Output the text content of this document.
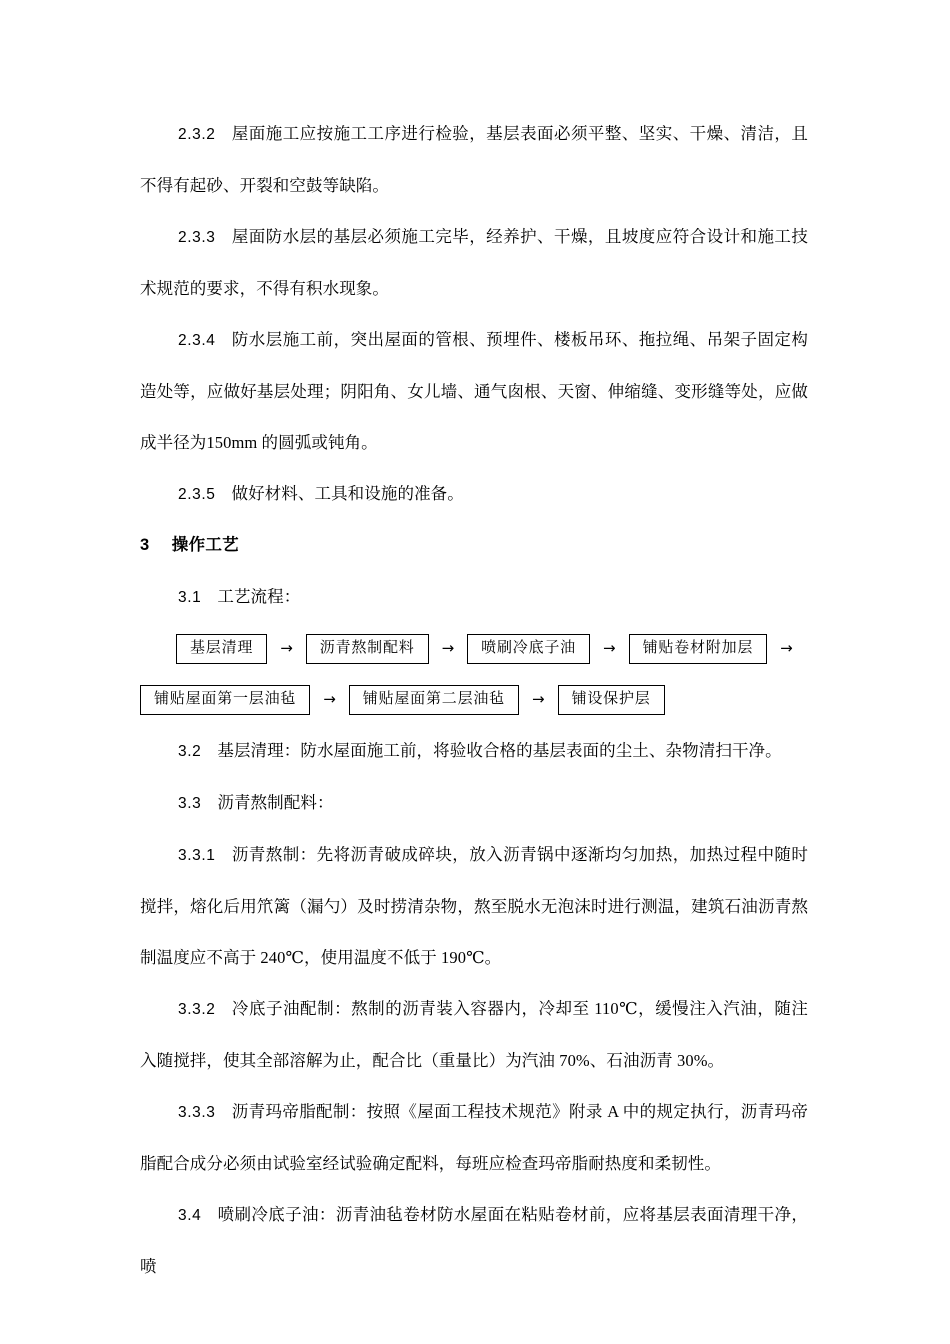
2.3.2 屋面施工应按施工工序进行检验，基层表面必须平整、坚实、干燥、清洁，且不得有起砂、开裂和空鼓等缺陷。

2.3.3 屋面防水层的基层必须施工完毕，经养护、干燥，且坡度应符合设计和施工技术规范的要求，不得有积水现象。

2.3.4 防水层施工前，突出屋面的管根、预埋件、楼板吊环、拖拉绳、吊架子固定构造处等，应做好基层处理；阴阳角、女儿墙、通气囱根、天窗、伸缩缝、变形缝等处，应做成半径为150mm 的圆弧或钝角。

2.3.5 做好材料、工具和设施的准备。

3 操作工艺

3.1 工艺流程：

基层清理	→	沥青熬制配料	→	喷刷冷底子油	→	铺贴卷材附加层	→
铺贴屋面第一层油毡	→	铺贴屋面第二层油毡	→	铺设保护层

3.2 基层清理：防水屋面施工前，将验收合格的基层表面的尘土、杂物清扫干净。

3.3 沥青熬制配料：

3.3.1 沥青熬制：先将沥青破成碎块，放入沥青锅中逐渐均匀加热，加热过程中随时搅拌，熔化后用笊篱（漏勺）及时捞清杂物，熬至脱水无泡沫时进行测温，建筑石油沥青熬制温度应不高于 240℃，使用温度不低于 190℃。

3.3.2 冷底子油配制：熬制的沥青装入容器内，冷却至 110℃，缓慢注入汽油，随注入随搅拌，使其全部溶解为止，配合比（重量比）为汽油 70%、石油沥青 30%。

3.3.3 沥青玛帝脂配制：按照《屋面工程技术规范》附录 A 中的规定执行，沥青玛帝脂配合成分必须由试验室经试验确定配料，每班应检查玛帝脂耐热度和柔韧性。

3.4 喷刷冷底子油：沥青油毡卷材防水屋面在粘贴卷材前，应将基层表面清理干净，喷
